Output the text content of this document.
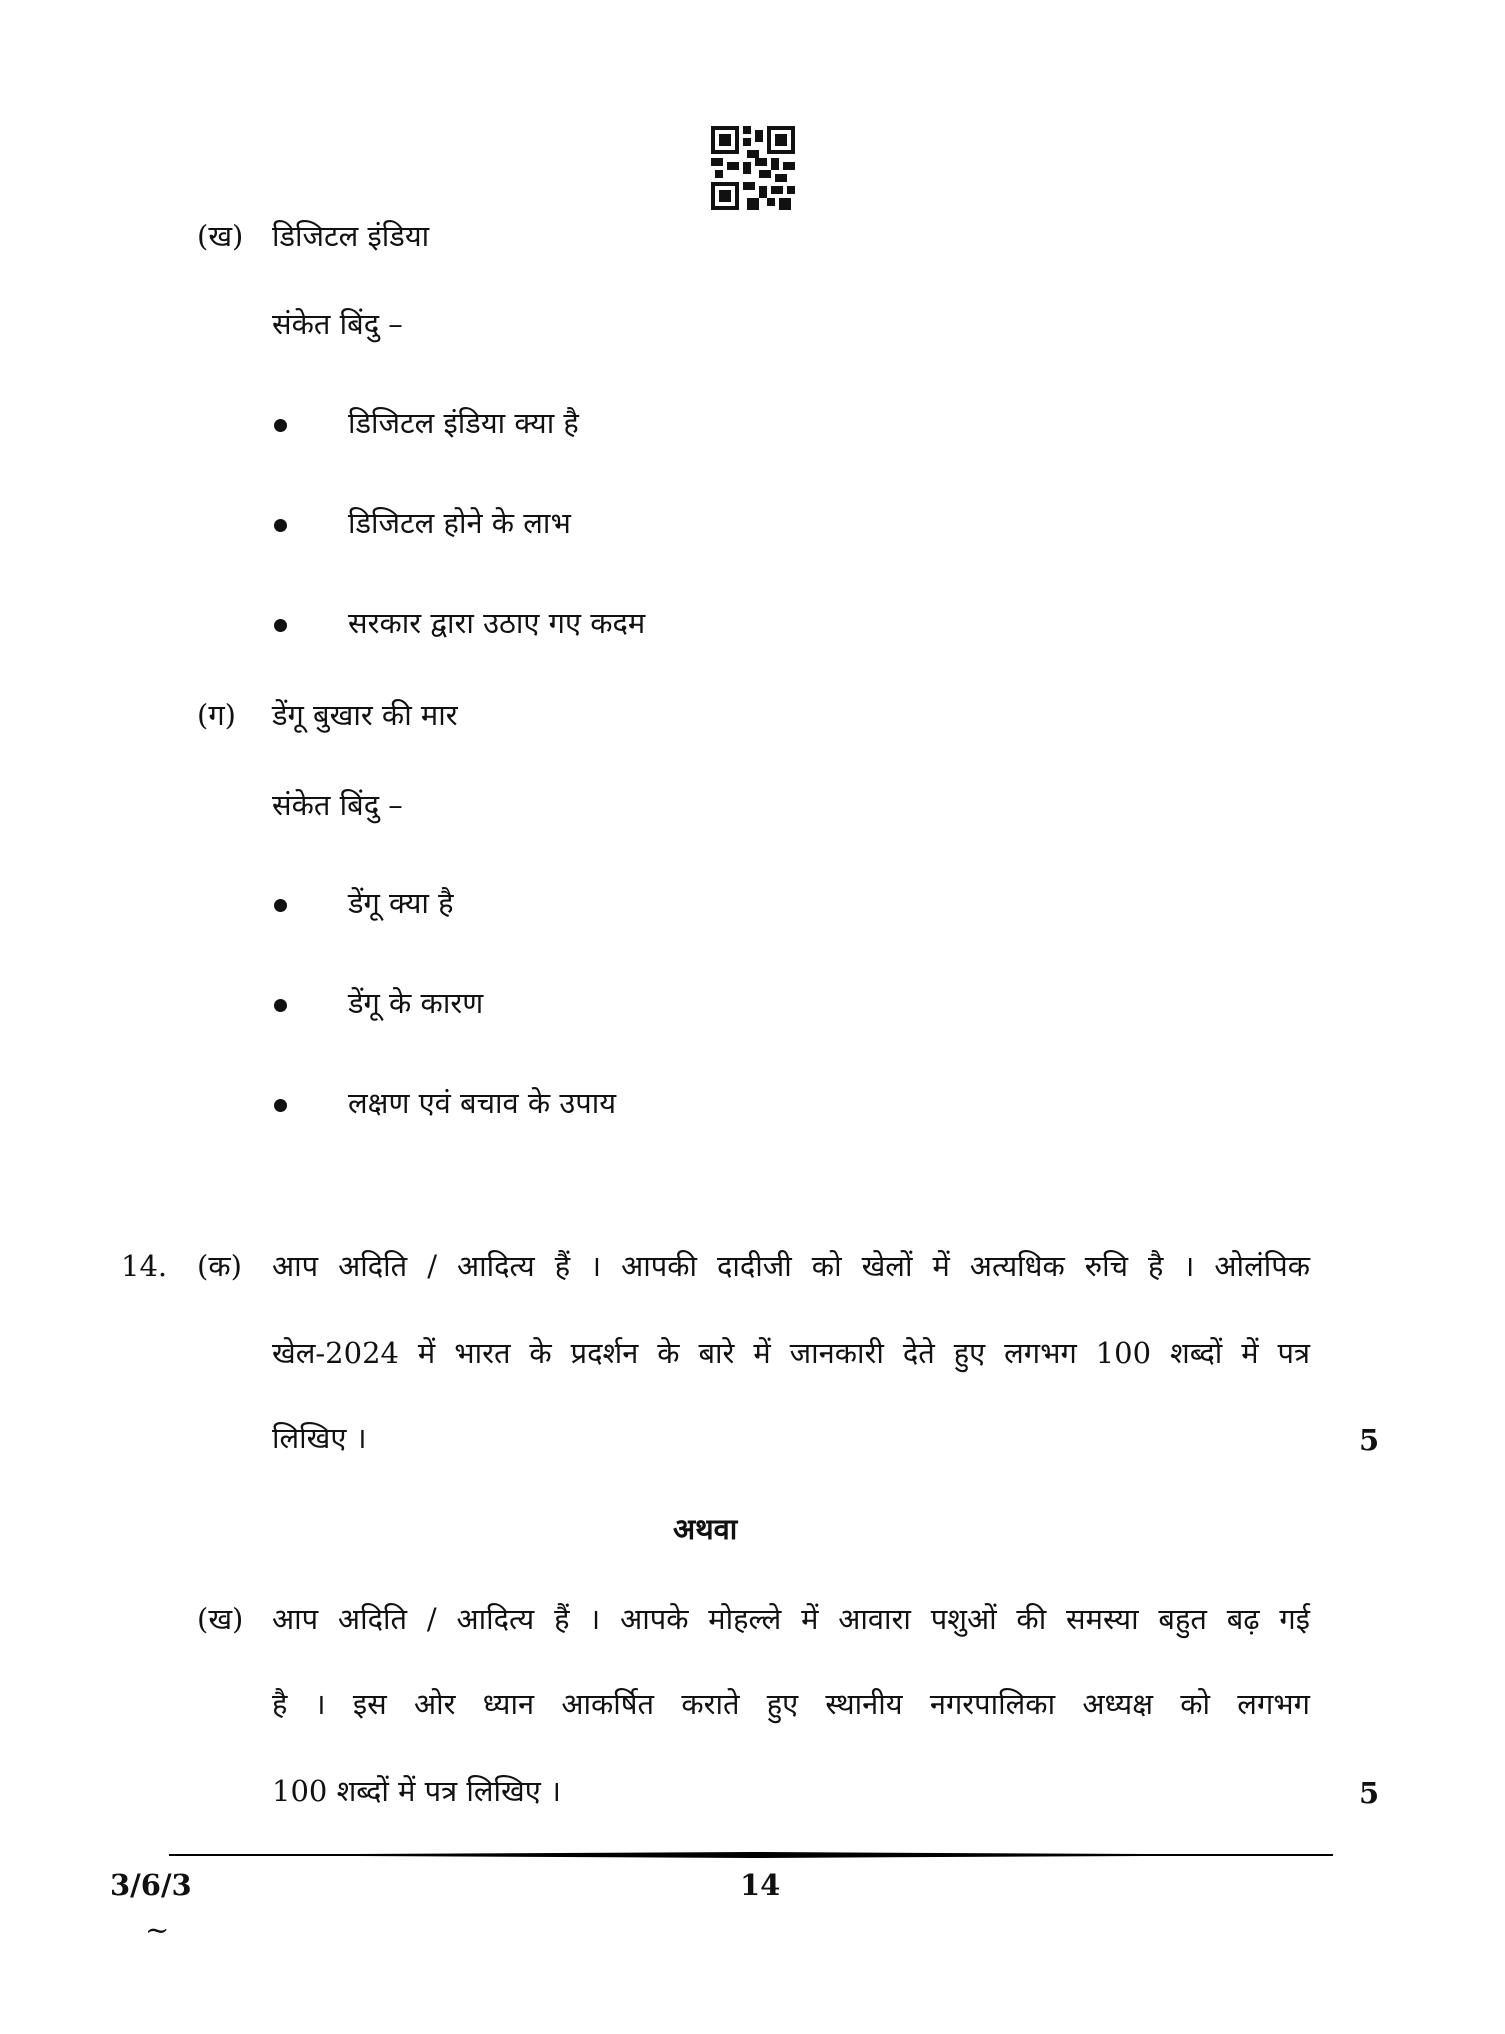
(ख) डिजिटल इंडिया
संकेत बिंदु –
डिजिटल इंडिया क्या है
डिजिटल होने के लाभ
सरकार द्वारा उठाए गए कदम
(ग) डेंगू बुखार की मार
संकेत बिंदु –
डेंगू क्या है
डेंगू के कारण
लक्षण एवं बचाव के उपाय
14. (क) आप अदिति / आदित्य हैं । आपकी दादीजी को खेलों में अत्यधिक रुचि है । ओलंपिक
खेल-2024 में भारत के प्रदर्शन के बारे में जानकारी देते हुए लगभग 100 शब्दों में पत्र
लिखिए ।	5
अथवा
(ख) आप अदिति / आदित्य हैं । आपके मोहल्ले में आवारा पशुओं की समस्या बहुत बढ़ गई
है । इस ओर ध्यान आकर्षित कराते हुए स्थानीय नगरपालिका अध्यक्ष को लगभग
100 शब्दों में पत्र लिखिए ।	5
3/6/3	14
~
